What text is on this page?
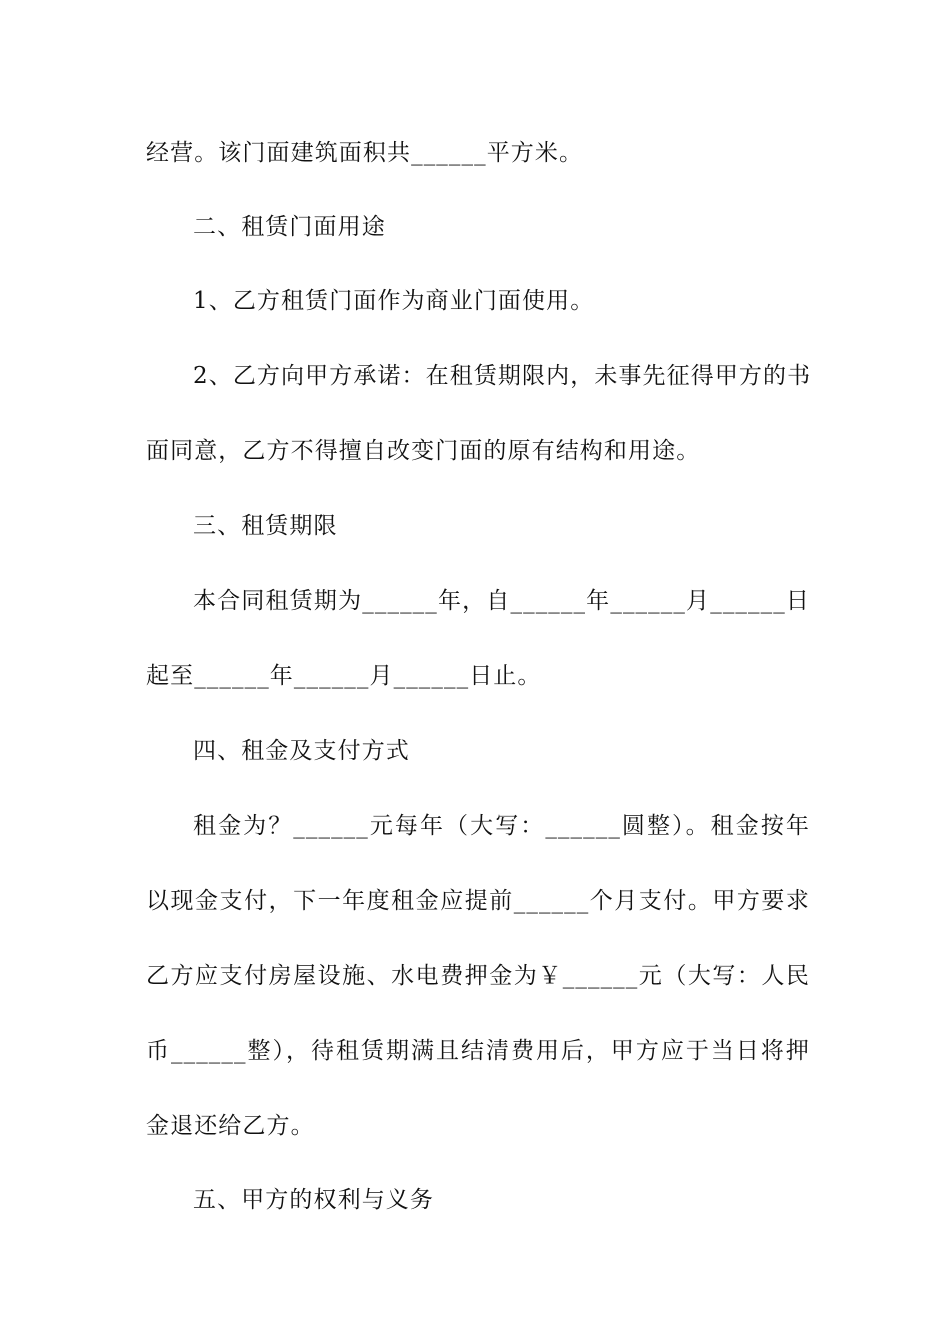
经营。该门面建筑面积共______平方米。
二、租赁门面用途
1、乙方租赁门面作为商业门面使用。
2、乙方向甲方承诺：在租赁期限内，未事先征得甲方的书
面同意，乙方不得擅自改变门面的原有结构和用途。
三、租赁期限
本合同租赁期为______年，自______年______月______日
起至______年______月______日止。
四、租金及支付方式
租金为？______元每年（大写：______圆整）。租金按年
以现金支付，下一年度租金应提前______个月支付。甲方要求
乙方应支付房屋设施、水电费押金为￥______元（大写：人民
币______整），待租赁期满且结清费用后，甲方应于当日将押
金退还给乙方。
五、甲方的权利与义务
